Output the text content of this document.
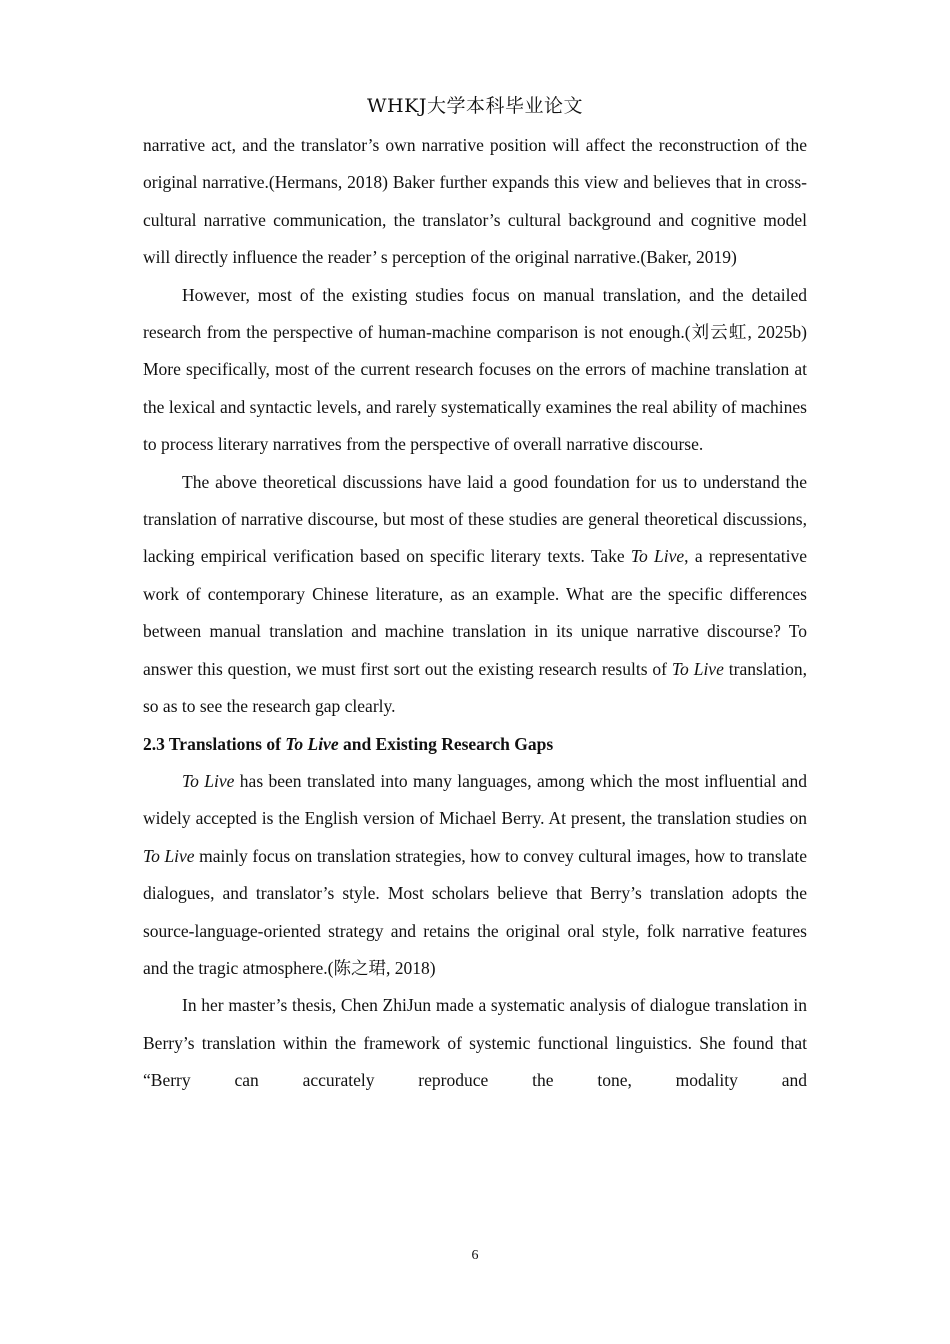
WHKJ大学本科毕业论文

narrative act, and the translator’s own narrative position will affect the reconstruction of the original narrative.(Hermans, 2018) Baker further expands this view and believes that in cross-cultural narrative communication, the translator’s cultural background and cognitive model will directly influence the reader’ s perception of the original narrative.(Baker, 2019)

However, most of the existing studies focus on manual translation, and the detailed research from the perspective of human-machine comparison is not enough.(刘云虹, 2025b) More specifically, most of the current research focuses on the errors of machine translation at the lexical and syntactic levels, and rarely systematically examines the real ability of machines to process literary narratives from the perspective of overall narrative discourse.

The above theoretical discussions have laid a good foundation for us to understand the translation of narrative discourse, but most of these studies are general theoretical discussions, lacking empirical verification based on specific literary texts. Take To Live, a representative work of contemporary Chinese literature, as an example. What are the specific differences between manual translation and machine translation in its unique narrative discourse? To answer this question, we must first sort out the existing research results of To Live translation, so as to see the research gap clearly.

2.3 Translations of To Live and Existing Research Gaps

To Live has been translated into many languages, among which the most influential and widely accepted is the English version of Michael Berry. At present, the translation studies on To Live mainly focus on translation strategies, how to convey cultural images, how to translate dialogues, and translator’s style. Most scholars believe that Berry’s translation adopts the source-language-oriented strategy and retains the original oral style, folk narrative features and the tragic atmosphere.(陈之珺, 2018)

In her master’s thesis, Chen ZhiJun made a systematic analysis of dialogue translation in Berry’s translation within the framework of systemic functional linguistics. She found that “Berry can accurately reproduce the tone, modality and

6
